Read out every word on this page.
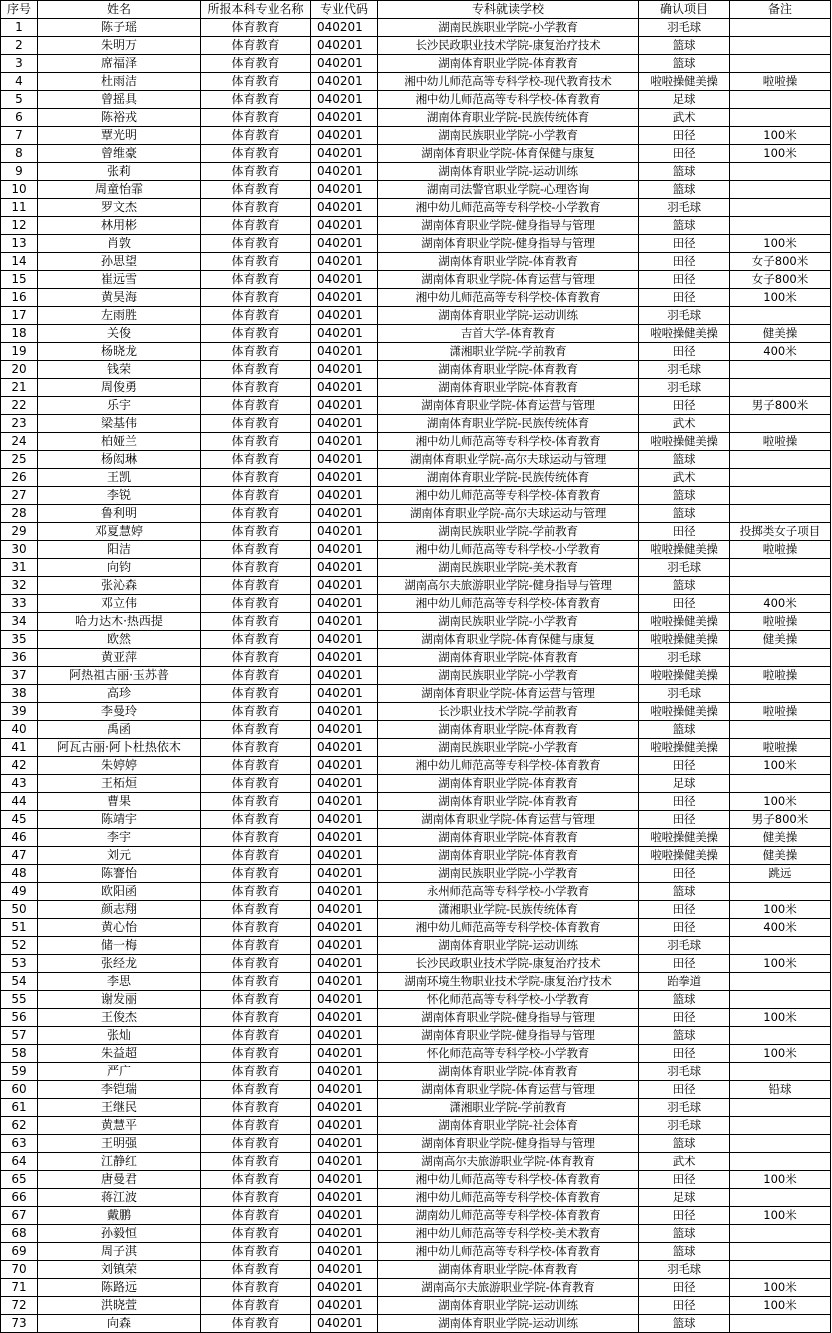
序号	姓名	所报本科专业名称	专业代码	专科就读学校	确认项目	备注
1	陈子瑶	体育教育	040201	湖南民族职业学院-小学教育	羽毛球	
2	朱明万	体育教育	040201	长沙民政职业技术学院-康复治疗技术	篮球	
3	席福泽	体育教育	040201	湖南体育职业学院-体育教育	篮球	
4	杜雨洁	体育教育	040201	湘中幼儿师范高等专科学校-现代教育技术	啦啦操健美操	啦啦操
5	曾摇具	体育教育	040201	湘中幼儿师范高等专科学校-体育教育	足球	
6	陈裕戎	体育教育	040201	湖南体育职业学院-民族传统体育	武术	
7	覃光明	体育教育	040201	湖南民族职业学院-小学教育	田径	100米
8	曾维豪	体育教育	040201	湖南体育职业学院-体育保健与康复	田径	100米
9	张莉	体育教育	040201	湖南体育职业学院-运动训练	篮球	
10	周童怡霏	体育教育	040201	湖南司法警官职业学院-心理咨询	篮球	
11	罗文杰	体育教育	040201	湘中幼儿师范高等专科学校-小学教育	羽毛球	
12	林用彬	体育教育	040201	湖南体育职业学院-健身指导与管理	篮球	
13	肖敦	体育教育	040201	湖南体育职业学院-健身指导与管理	田径	100米
14	孙思望	体育教育	040201	湖南体育职业学院-体育教育	田径	女子800米
15	崔远雪	体育教育	040201	湖南体育职业学院-体育运营与管理	田径	女子800米
16	黄昊海	体育教育	040201	湘中幼儿师范高等专科学校-体育教育	田径	100米
17	左雨胜	体育教育	040201	湖南体育职业学院-运动训练	羽毛球	
18	关俊	体育教育	040201	吉首大学-体育教育	啦啦操健美操	健美操
19	杨晓龙	体育教育	040201	潇湘职业学院-学前教育	田径	400米
20	钱荣	体育教育	040201	湖南体育职业学院-体育教育	羽毛球	
21	周俊勇	体育教育	040201	湖南体育职业学院-体育教育	羽毛球	
22	乐宇	体育教育	040201	湖南体育职业学院-体育运营与管理	田径	男子800米
23	梁基伟	体育教育	040201	湖南体育职业学院-民族传统体育	武术	
24	柏娅兰	体育教育	040201	湘中幼儿师范高等专科学校-体育教育	啦啦操健美操	啦啦操
25	杨闳琳	体育教育	040201	湖南体育职业学院-高尔夫球运动与管理	篮球	
26	王凯	体育教育	040201	湖南体育职业学院-民族传统体育	武术	
27	李锐	体育教育	040201	湘中幼儿师范高等专科学校-体育教育	篮球	
28	鲁利明	体育教育	040201	湖南体育职业学院-高尔夫球运动与管理	篮球	
29	邓夏慧婷	体育教育	040201	湖南民族职业学院-学前教育	田径	投掷类女子项目
30	阳洁	体育教育	040201	湘中幼儿师范高等专科学校-小学教育	啦啦操健美操	啦啦操
31	向钧	体育教育	040201	湖南民族职业学院-美术教育	羽毛球	
32	张沁森	体育教育	040201	湖南高尔夫旅游职业学院-健身指导与管理	篮球	
33	邓立伟	体育教育	040201	湘中幼儿师范高等专科学校-体育教育	田径	400米
34	哈力达木·热西提	体育教育	040201	湖南民族职业学院-小学教育	啦啦操健美操	啦啦操
35	欧然	体育教育	040201	湖南体育职业学院-体育保健与康复	啦啦操健美操	健美操
36	黄亚萍	体育教育	040201	湖南体育职业学院-体育教育	羽毛球	
37	阿热祖古丽·玉苏普	体育教育	040201	湖南民族职业学院-小学教育	啦啦操健美操	啦啦操
38	高珍	体育教育	040201	湖南体育职业学院-体育运营与管理	羽毛球	
39	李曼玲	体育教育	040201	长沙职业技术学院-学前教育	啦啦操健美操	啦啦操
40	禹函	体育教育	040201	湖南体育职业学院-体育教育	篮球	
41	阿瓦古丽·阿卜杜热依木	体育教育	040201	湖南民族职业学院-小学教育	啦啦操健美操	啦啦操
42	朱婷婷	体育教育	040201	湘中幼儿师范高等专科学校-体育教育	田径	100米
43	王柘烜	体育教育	040201	湖南体育职业学院-体育教育	足球	
44	曹果	体育教育	040201	湖南体育职业学院-体育教育	田径	100米
45	陈靖宇	体育教育	040201	湖南体育职业学院-体育运营与管理	田径	男子800米
46	李宇	体育教育	040201	湖南体育职业学院-体育教育	啦啦操健美操	健美操
47	刘元	体育教育	040201	湖南体育职业学院-体育教育	啦啦操健美操	健美操
48	陈謇怡	体育教育	040201	湖南民族职业学院-小学教育	田径	跳远
49	欧阳函	体育教育	040201	永州师范高等专科学校-小学教育	篮球	
50	颜志翔	体育教育	040201	潇湘职业学院-民族传统体育	田径	100米
51	黄心怡	体育教育	040201	湘中幼儿师范高等专科学校-体育教育	田径	400米
52	储一梅	体育教育	040201	湖南体育职业学院-运动训练	羽毛球	
53	张经龙	体育教育	040201	长沙民政职业技术学院-康复治疗技术	田径	100米
54	李思	体育教育	040201	湖南环境生物职业技术学院-康复治疗技术	跆拳道	
55	谢发丽	体育教育	040201	怀化师范高等专科学校-小学教育	篮球	
56	王俊杰	体育教育	040201	湖南体育职业学院-健身指导与管理	田径	100米
57	张灿	体育教育	040201	湖南体育职业学院-健身指导与管理	篮球	
58	朱益超	体育教育	040201	怀化师范高等专科学校-小学教育	田径	100米
59	严广	体育教育	040201	湖南体育职业学院-体育教育	羽毛球	
60	李铠瑞	体育教育	040201	湖南体育职业学院-体育运营与管理	田径	铅球
61	王继民	体育教育	040201	潇湘职业学院-学前教育	羽毛球	
62	黄慧平	体育教育	040201	湖南体育职业学院-社会体育	羽毛球	
63	王明强	体育教育	040201	湖南体育职业学院-健身指导与管理	篮球	
64	江静红	体育教育	040201	湖南高尔夫旅游职业学院-体育教育	武术	
65	唐曼君	体育教育	040201	湘中幼儿师范高等专科学校-体育教育	田径	100米
66	蒋江波	体育教育	040201	湘中幼儿师范高等专科学校-体育教育	足球	
67	戴鹏	体育教育	040201	湖南幼儿师范高等专科学校-体育教育	田径	100米
68	孙毅恒	体育教育	040201	湘中幼儿师范高等专科学校-美术教育	篮球	
69	周子淇	体育教育	040201	湘中幼儿师范高等专科学校-体育教育	篮球	
70	刘镇荣	体育教育	040201	湖南体育职业学院-体育教育	羽毛球	
71	陈路远	体育教育	040201	湖南高尔夫旅游职业学院-体育教育	田径	100米
72	洪晓萱	体育教育	040201	湖南体育职业学院-运动训练	田径	100米
73	向森	体育教育	040201	湖南体育职业学院-运动训练	篮球	
